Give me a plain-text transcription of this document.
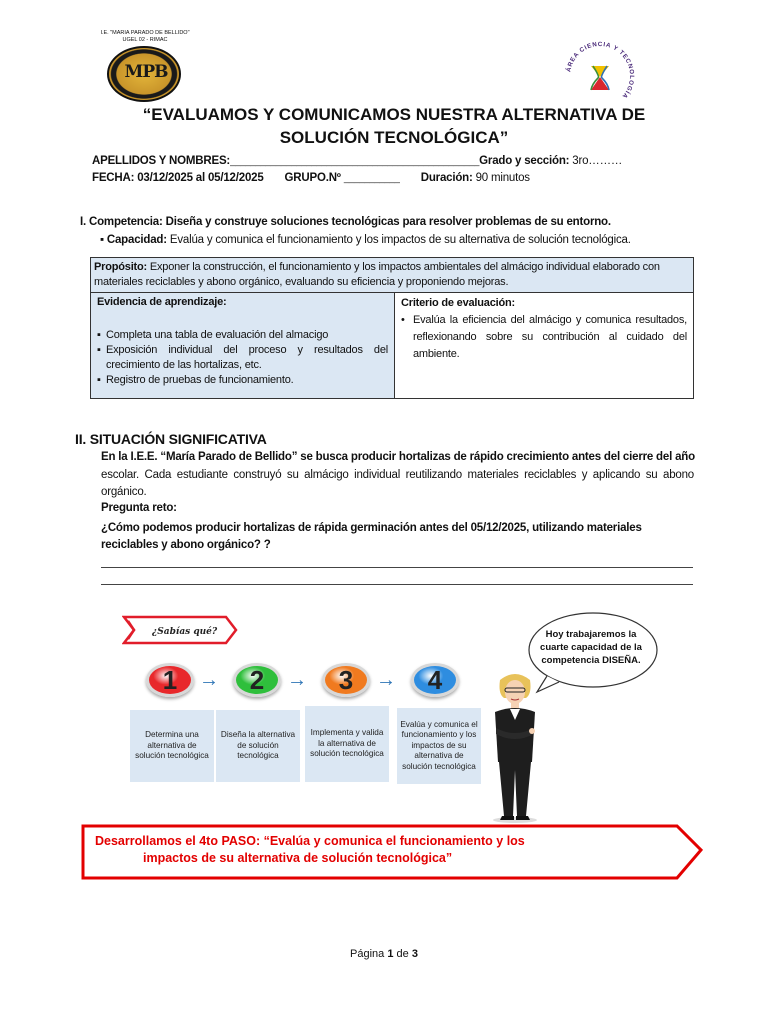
I.E. "MARIA PARADO DE BELLIDO"
UGEL 02 - RIMAC
MPB	ÁREA CIENCIA Y TECNOLOGÍA
“EVALUAMOS Y COMUNICAMOS NUESTRA ALTERNATIVA DE
SOLUCIÓN TECNOLÓGICA”
APELLIDOS Y NOMBRES:_________________________________________________Grado y sección: 3ro………
FECHA: 03/12/2025 al 05/12/2025 GRUPO.Nº ___________ Duración: 90 minutos
I. Competencia: Diseña y construye soluciones tecnológicas para resolver problemas de su entorno.
▪ Capacidad: Evalúa y comunica el funcionamiento y los impactos de su alternativa de solución tecnológica.
Propósito: Exponer la construcción, el funcionamiento y los impactos ambientales del almácigo individual elaborado con materiales reciclables y abono orgánico, evaluando su eficiencia y proponiendo mejoras.
Evidencia de aprendizaje:
▪ Completa una tabla de evaluación del almacigo
▪ Exposición individual del proceso y resultados del crecimiento de las hortalizas, etc.
▪ Registro de pruebas de funcionamiento.
Criterio de evaluación:
• Evalúa la eficiencia del almácigo y comunica resultados, reflexionando sobre su contribución al cuidado del ambiente.
II. SITUACIÓN SIGNIFICATIVA
En la I.E.E. “María Parado de Bellido” se busca producir hortalizas de rápido crecimiento antes del cierre del año
escolar. Cada estudiante construyó su almácigo individual reutilizando materiales reciclables y aplicando su abono orgánico.
Pregunta reto:
¿Cómo podemos producir hortalizas de rápida germinación antes del 05/12/2025, utilizando materiales reciclables y abono orgánico? ?
¿Sabías qué?
1	→	2	→	3	→	4
Determina una alternativa de solución tecnológica
Diseña la alternativa de solución tecnológica
Implementa y valida la alternativa de solución tecnológica
Evalúa y comunica el funcionamiento y los impactos de su alternativa de solución tecnológica
Hoy trabajaremos la cuarte capacidad de la competencia DISEÑA.
Desarrollamos el 4to PASO: “Evalúa y comunica el funcionamiento y los
impactos de su alternativa de solución tecnológica”
Página 1 de 3
